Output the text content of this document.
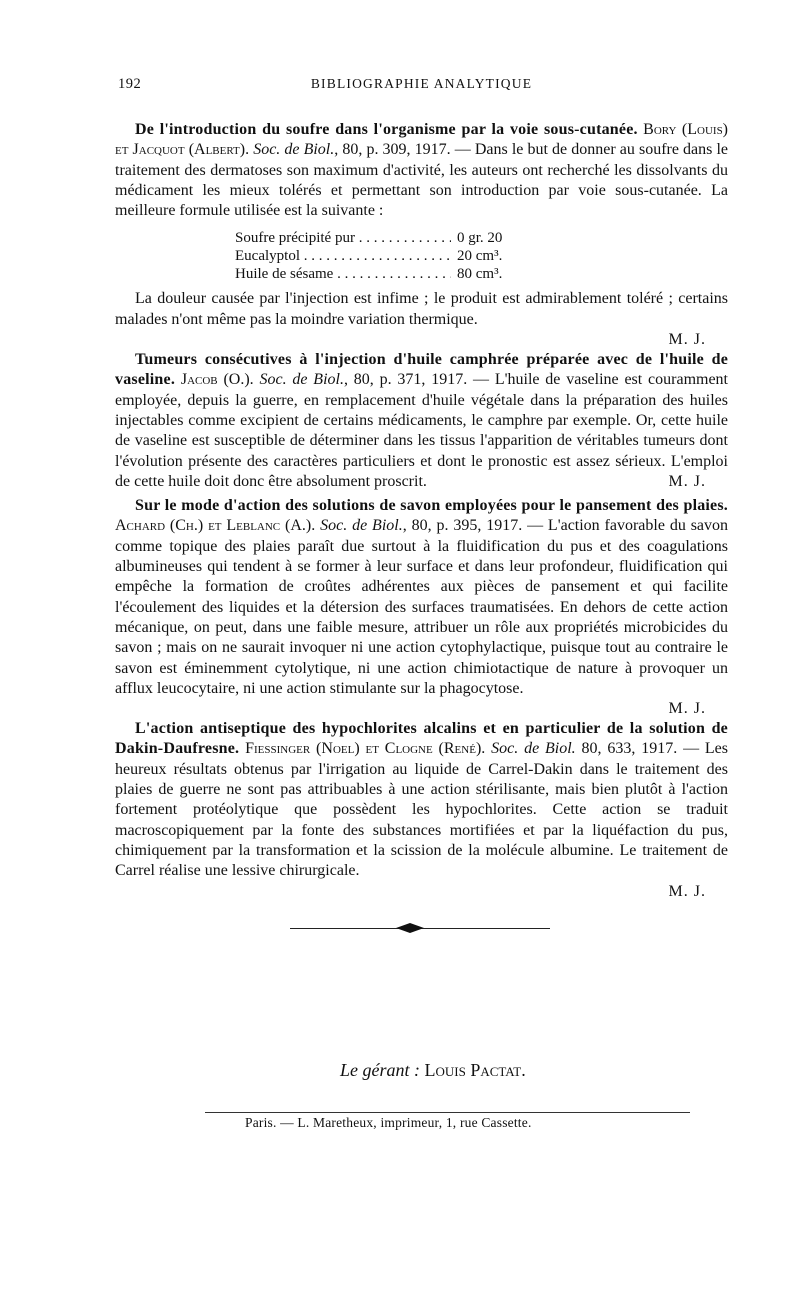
192	BIBLIOGRAPHIE ANALYTIQUE

De l'introduction du soufre dans l'organisme par la voie sous-cutanée. Bory (Louis) et Jacquot (Albert). Soc. de Biol., 80, p. 309, 1917. — Dans le but de donner au soufre dans le traitement des dermatoses son maximum d'activité, les auteurs ont recherché les dissolvants du médicament les mieux tolérés et permettant son introduction par voie sous-cutanée. La meilleure formule utilisée est la suivante :

Soufre précipité pur . . .	0 gr. 20
Eucalyptol . . .	20 cm³.
Huile de sésame . . .	80 cm³.

La douleur causée par l'injection est infime ; le produit est admirablement toléré ; certains malades n'ont même pas la moindre variation thermique.

M. J.

Tumeurs consécutives à l'injection d'huile camphrée préparée avec de l'huile de vaseline. Jacob (O.). Soc. de Biol., 80, p. 371, 1917. — L'huile de vaseline est couramment employée, depuis la guerre, en remplacement d'huile végétale dans la préparation des huiles injectables comme excipient de certains médicaments, le camphre par exemple. Or, cette huile de vaseline est susceptible de déterminer dans les tissus l'apparition de véritables tumeurs dont l'évolution présente des caractères particuliers et dont le pronostic est assez sérieux. L'emploi de cette huile doit donc être absolument proscrit.	M. J.

Sur le mode d'action des solutions de savon employées pour le pansement des plaies. Achard (Ch.) et Leblanc (A.). Soc. de Biol., 80, p. 395, 1917. — L'action favorable du savon comme topique des plaies paraît due surtout à la fluidification du pus et des coagulations albumineuses qui tendent à se former à leur surface et dans leur profondeur, fluidification qui empêche la formation de croûtes adhérentes aux pièces de pansement et qui facilite l'écoulement des liquides et la détersion des surfaces traumatisées. En dehors de cette action mécanique, on peut, dans une faible mesure, attribuer un rôle aux propriétés microbicides du savon ; mais on ne saurait invoquer ni une action cytophylactique, puisque tout au contraire le savon est éminemment cytolytique, ni une action chimiotactique de nature à provoquer un afflux leucocytaire, ni une action stimulante sur la phagocytose.

M. J.

L'action antiseptique des hypochlorites alcalins et en particulier de la solution de Dakin-Daufresne. Fiessinger (Noel) et Clogne (René). Soc. de Biol. 80, 633, 1917. — Les heureux résultats obtenus par l'irrigation au liquide de Carrel-Dakin dans le traitement des plaies de guerre ne sont pas attribuables à une action stérilisante, mais bien plutôt à l'action fortement protéolytique que possèdent les hypochlorites. Cette action se traduit macroscopiquement par la fonte des substances mortifiées et par la liquéfaction du pus, chimiquement par la transformation et la scission de la molécule albumine. Le traitement de Carrel réalise une lessive chirurgicale.

M. J.
Le gérant : Louis Pactat.
Paris. — L. Maretheux, imprimeur, 1, rue Cassette.
